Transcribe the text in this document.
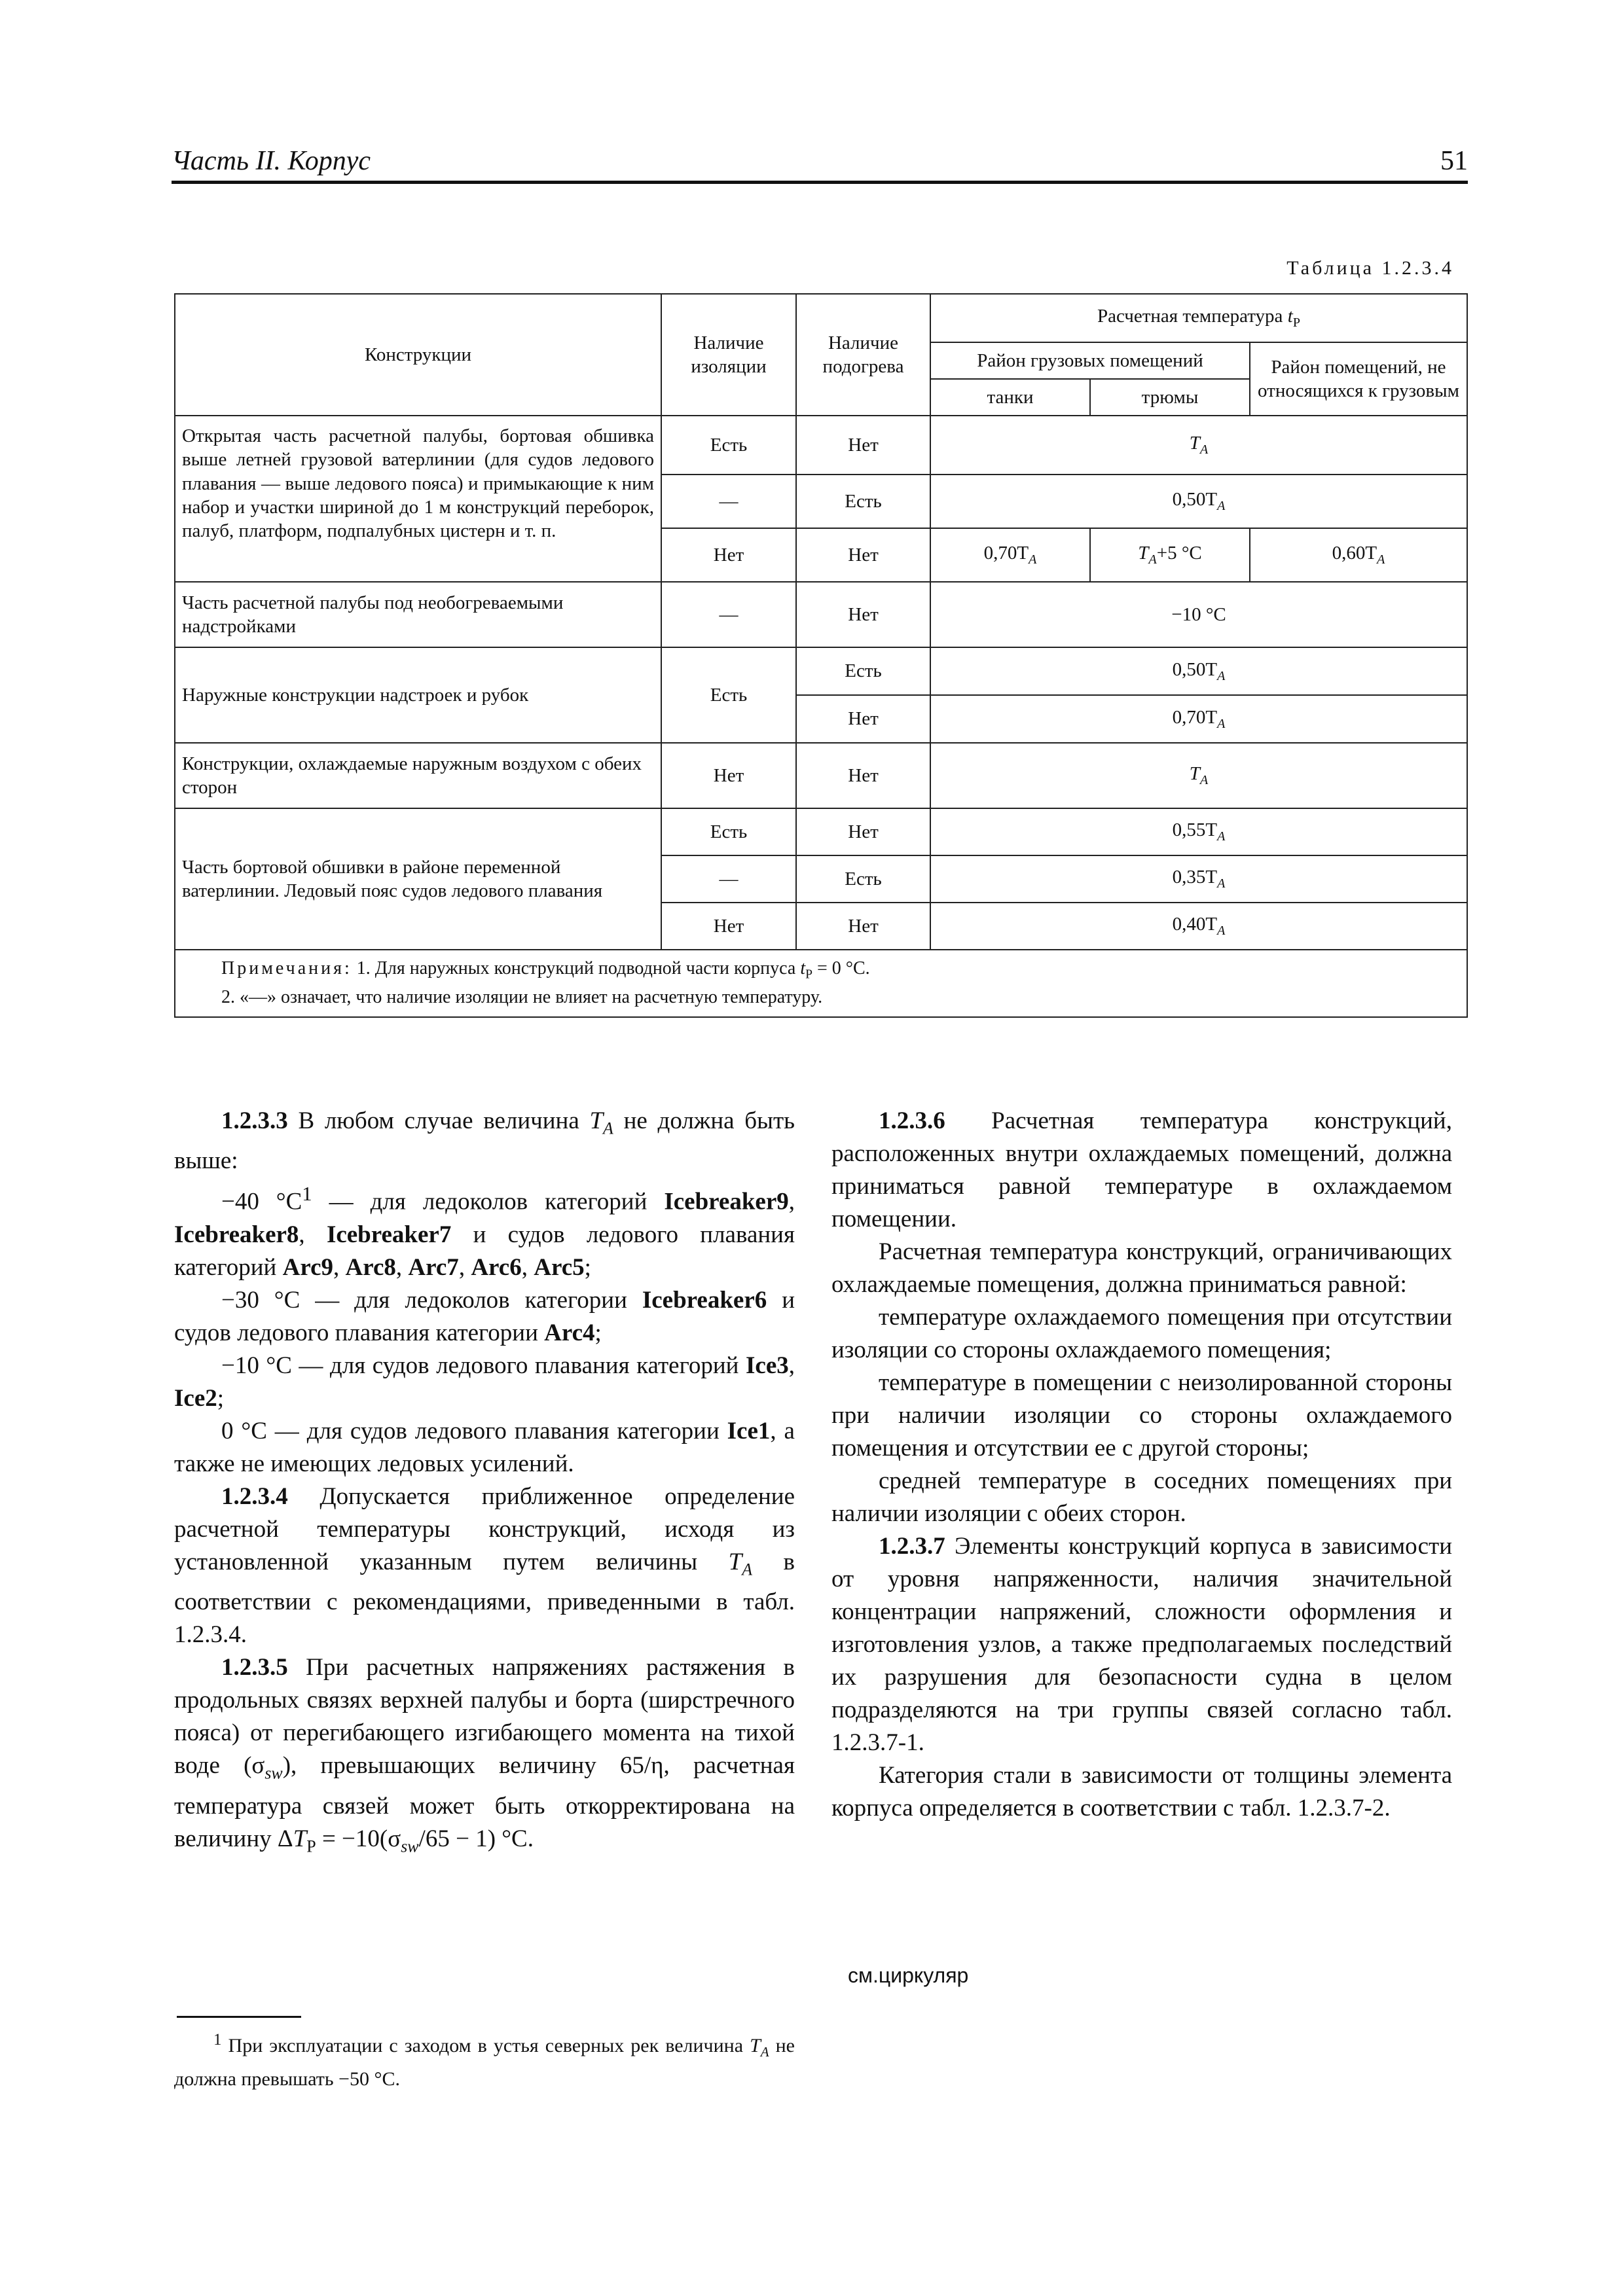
Часть II. Корпус	51
Таблица 1.2.3.4
Конструкции	Наличие изоляции	Наличие подогрева	Расчетная температура $t_P$
			Район грузовых помещений		Район помещений, не относящихся к грузовым
			танки	трюмы	
Открытая часть расчетной палубы, бортовая обшивка выше летней грузовой ватерлинии (для судов ледового плавания — выше ледового пояса) и примыкающие к ним набор и участки шириной до 1 м конструкций переборок, палуб, платформ, подпалубных цистерн и т. п.	Есть	Нет	$T_A$
	—	Есть	$0,50T_A$
	Нет	Нет	$0,70T_A$	$T_A+5$ °C	$0,60T_A$
Часть расчетной палубы под необогреваемыми надстройками	—	Нет	−10 °C		
Наружные конструкции надстроек и рубок	Есть	Есть	$0,50T_A$
		Нет	$0,70T_A$
Конструкции, охлаждаемые наружным воздухом с обеих сторон	Нет	Нет	$T_A$
Часть бортовой обшивки в районе переменной ватерлинии. Ледовый пояс судов ледового плавания	Есть	Нет	$0,55T_A$
	—	Есть	$0,35T_A$
	Нет	Нет	$0,40T_A$
Примечания: 1. Для наружных конструкций подводной части корпуса $t_P = 0$ °C.
2. «—» означает, что наличие изоляции не влияет на расчетную температуру.					

1.2.3.3 В любом случае величина $T_A$ не должна быть выше:

−40 $^\circ C^1$ — для ледоколов категорий Icebreaker9, Icebreaker8, Icebreaker7 и судов ледового плавания категорий Arc9, Arc8, Arc7, Arc6, Arc5;

−30 °C — для ледоколов категории Icebreaker6 и судов ледового плавания категории Arc4;

−10 °C — для судов ледового плавания категорий Ice3, Ice2;

0 °C — для судов ледового плавания категории Ice1, а также не имеющих ледовых усилений.

1.2.3.4 Допускается приближенное определение расчетной температуры конструкций, исходя из установленной указанным путем величины $T_A$ в соответствии с рекомендациями, приведенными в табл. 1.2.3.4.

1.2.3.5 При расчетных напряжениях растяжения в продольных связях верхней палубы и борта (ширстречного пояса) от перегибающего изгибающего момента на тихой воде $(\sigma_{sw})$, превышающих величину 65/η, расчетная температура связей может быть откорректирована на величину $\Delta T_P = -10(\sigma_{sw}/65 - 1)$ °C.

1.2.3.6 Расчетная температура конструкций, расположенных внутри охлаждаемых помещений, должна приниматься равной температуре в охлаждаемом помещении.

Расчетная температура конструкций, ограничивающих охлаждаемые помещения, должна приниматься равной:

температуре охлаждаемого помещения при отсутствии изоляции со стороны охлаждаемого помещения;

температуре в помещении с неизолированной стороны при наличии изоляции со стороны охлаждаемого помещения и отсутствии ее с другой стороны;

средней температуре в соседних помещениях при наличии изоляции с обеих сторон.

1.2.3.7 Элементы конструкций корпуса в зависимости от уровня напряженности, наличия значительной концентрации напряжений, сложности оформления и изготовления узлов, а также предполагаемых последствий их разрушения для безопасности судна в целом подразделяются на три группы связей согласно табл. 1.2.3.7-1.

Категория стали в зависимости от толщины элемента корпуса определяется в соответствии с табл. 1.2.3.7-2.

см.циркуляр

$^1$ При эксплуатации с заходом в устья северных рек величина $T_A$ не должна превышать −50 °C.
